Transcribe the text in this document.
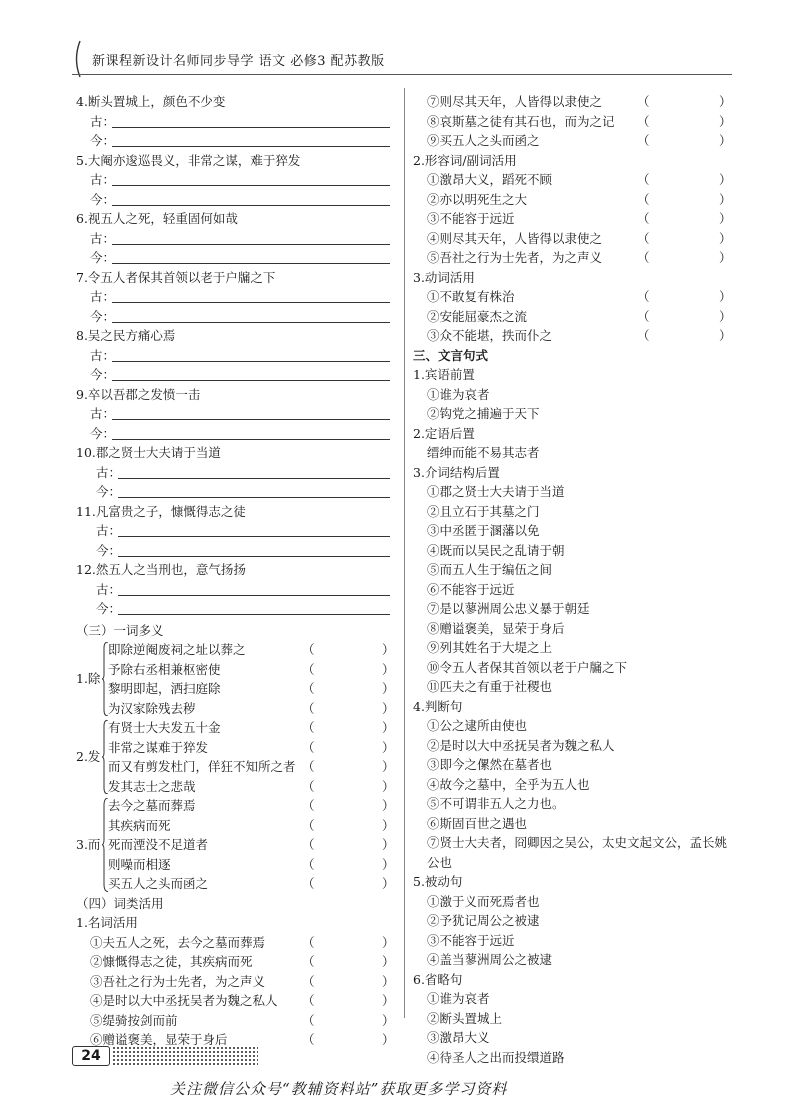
新课程新设计名师同步导学 语文 必修3 配苏教版
4.断头置城上，颜色不少变
古：
今：
5.大阉亦逡巡畏义，非常之谋，难于猝发
古：
今：
6.视五人之死，轻重固何如哉
古：
今：
7.令五人者保其首领以老于户牖之下
古：
今：
8.吴之民方痛心焉
古：
今：
9.卒以吾郡之发愤一击
古：
今：
10.郡之贤士大夫请于当道
古：
今：
11.凡富贵之子，慷慨得志之徒
古：
今：
12.然五人之当刑也，意气扬扬
古：
今：
（三）一词多义
1.除
即除逆阉废祠之址以葬之	（	）
予除右丞相兼枢密使	（	）
黎明即起，洒扫庭除	（	）
为汉家除残去秽	（	）
2.发
有贤士大夫发五十金	（	）
非常之谋难于猝发	（	）
而又有剪发杜门，佯狂不知所之者 （	）
发其志士之悲哉	（	）
3.而
去今之墓而葬焉	（	）
其疾病而死	（	）
死而湮没不足道者	（	）
则噪而相逐	（	）
买五人之头而函之	（	）
（四）词类活用
1.名词活用
①夫五人之死，去今之墓而葬焉	（	）
②慷慨得志之徒，其疾病而死	（	）
③吾社之行为士先者，为之声义	（	）
④是时以大中丞抚吴者为魏之私人 （	）
⑤缇骑按剑而前	（	）
⑥赠谥褒美，显荣于身后	（	）
⑦则尽其天年，人皆得以隶使之	（	）
⑧哀斯墓之徒有其石也，而为之记 （	）
⑨买五人之头而函之	（	）
2.形容词/副词活用
①激昂大义，蹈死不顾	（	）
②亦以明死生之大	（	）
③不能容于远近	（	）
④则尽其天年，人皆得以隶使之	（	）
⑤吾社之行为士先者，为之声义	（	）
3.动词活用
①不敢复有株治	（	）
②安能屈豪杰之流	（	）
③众不能堪，抶而仆之	（	）
三、文言句式
1.宾语前置
①谁为哀者
②钩党之捕遍于天下
2.定语后置
缙绅而能不易其志者
3.介词结构后置
①郡之贤士大夫请于当道
②且立石于其墓之门
③中丞匿于溷藩以免
④既而以吴民之乱请于朝
⑤而五人生于编伍之间
⑥不能容于远近
⑦是以蓼洲周公忠义暴于朝廷
⑧赠谥褒美，显荣于身后
⑨列其姓名于大堤之上
⑩令五人者保其首领以老于户牖之下
⑪匹夫之有重于社稷也
4.判断句
①公之逮所由使也
②是时以大中丞抚吴者为魏之私人
③即今之傫然在墓者也
④故今之墓中，全乎为五人也
⑤不可谓非五人之力也。
⑥斯固百世之遇也
⑦贤士大夫者，冏卿因之吴公，太史文起文公，孟长姚
公也
5.被动句
①激于义而死焉者也
②予犹记周公之被逮
③不能容于远近
④盖当蓼洲周公之被逮
6.省略句
①谁为哀者
②断头置城上
③激昂大义
④待圣人之出而投缳道路
24
关注微信公众号“教辅资料站”获取更多学习资料
